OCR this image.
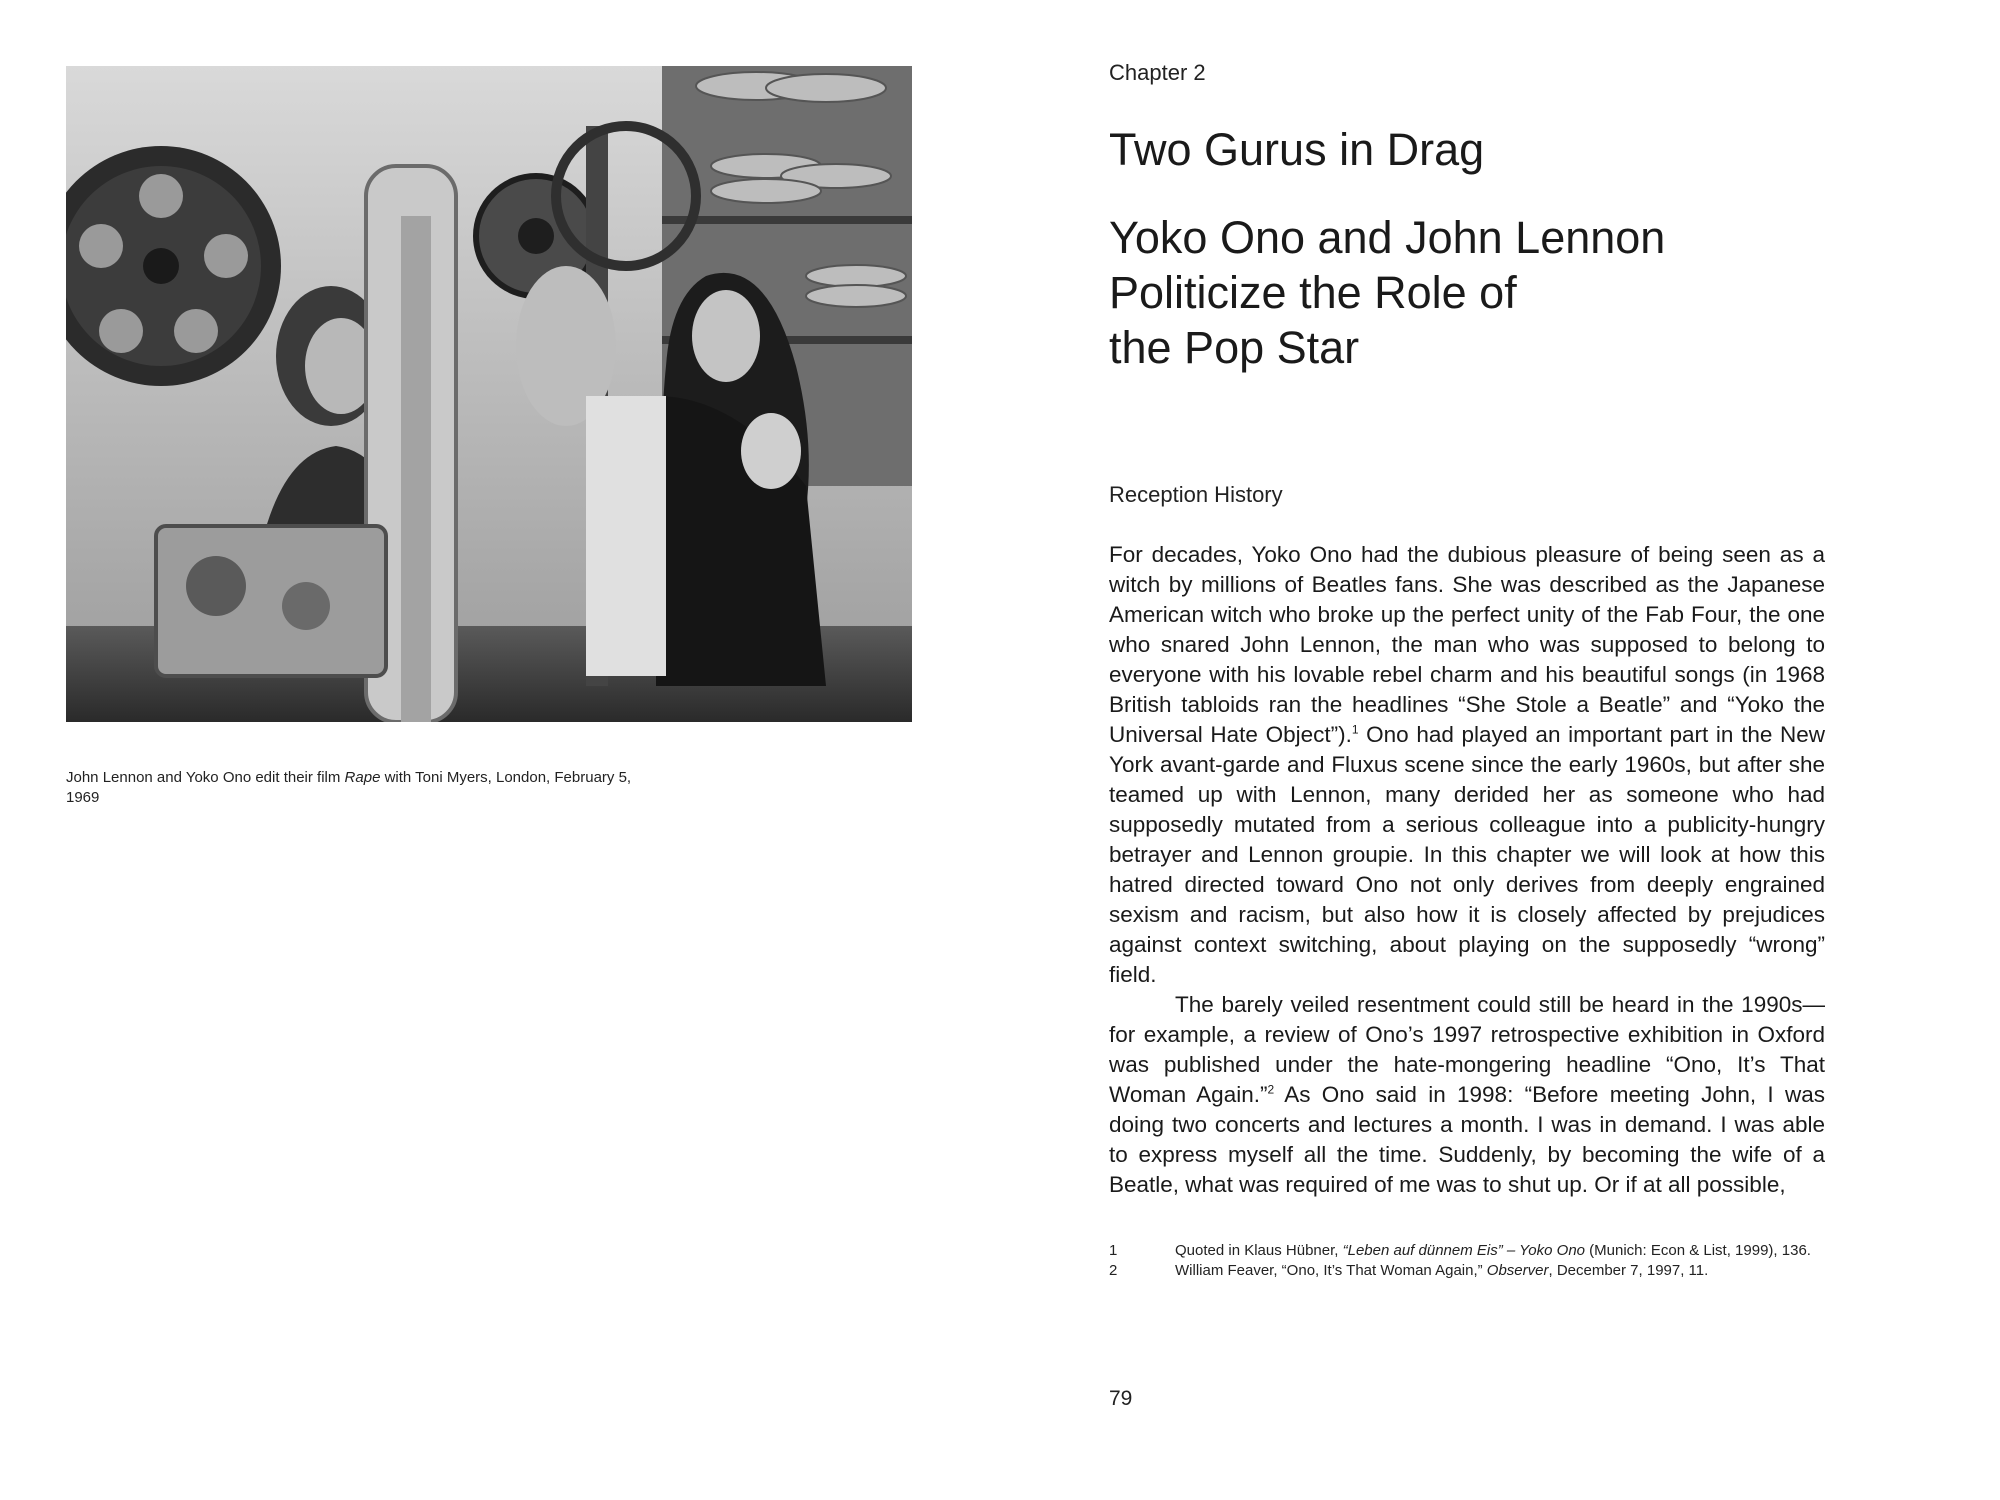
John Lennon and Yoko Ono edit their film Rape with Toni Myers, London, February 5, 1969
Chapter 2
Two Gurus in Drag
Yoko Ono and John Lennon
Politicize the Role of
the Pop Star
Reception History

For decades, Yoko Ono had the dubious pleasure of being seen as a witch by millions of Beatles fans. She was described as the Japanese American witch who broke up the perfect unity of the Fab Four, the one who snared John Lennon, the man who was supposed to belong to everyone with his lovable rebel charm and his beautiful songs (in 1968 British tabloids ran the headlines “She Stole a Beatle” and “Yoko the Universal Hate Object”).$^1$ Ono had played an important part in the New York avant-garde and Fluxus scene since the early 1960s, but after she teamed up with Lennon, many derided her as someone who had supposedly mutated from a serious colleague into a publicity-hungry betrayer and Lennon groupie. In this chapter we will look at how this hatred directed toward Ono not only derives from deeply engrained sexism and racism, but also how it is closely affected by prejudices against context switching, about playing on the supposedly “wrong” field.

The barely veiled resentment could still be heard in the 1990s—for example, a review of Ono’s 1997 retrospective exhibition in Oxford was published under the hate-mongering headline “Ono, It’s That Woman Again.”$^2$ As Ono said in 1998: “Before meeting John, I was doing two concerts and lectures a month. I was in demand. I was able to express myself all the time. Suddenly, by becoming the wife of a Beatle, what was required of me was to shut up. Or if at all possible,

1	Quoted in Klaus Hübner, “Leben auf dünnem Eis” – Yoko Ono (Munich: Econ & List, 1999), 136.

2	William Feaver, “Ono, It’s That Woman Again,” Observer, December 7, 1997, 11.

79
